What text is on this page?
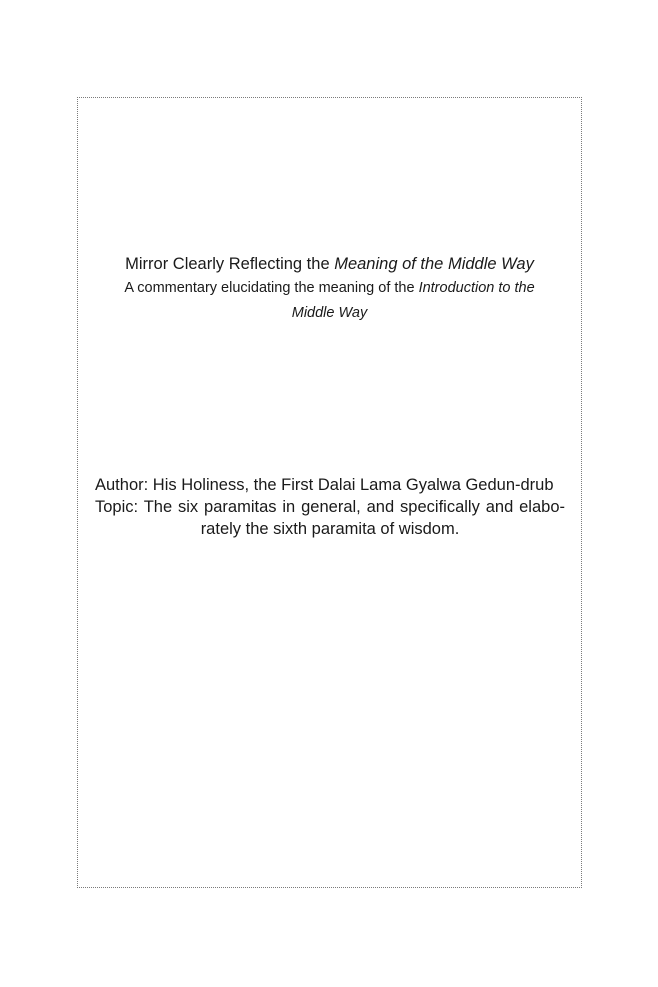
Mirror Clearly Reflecting the Meaning of the Middle Way

A commentary elucidating the meaning of the Introduction to the Middle Way

Author: His Holiness, the First Dalai Lama Gyalwa Gedun-drub

Topic: The six paramitas in general, and specifically and elabo-rately the sixth paramita of wisdom.
